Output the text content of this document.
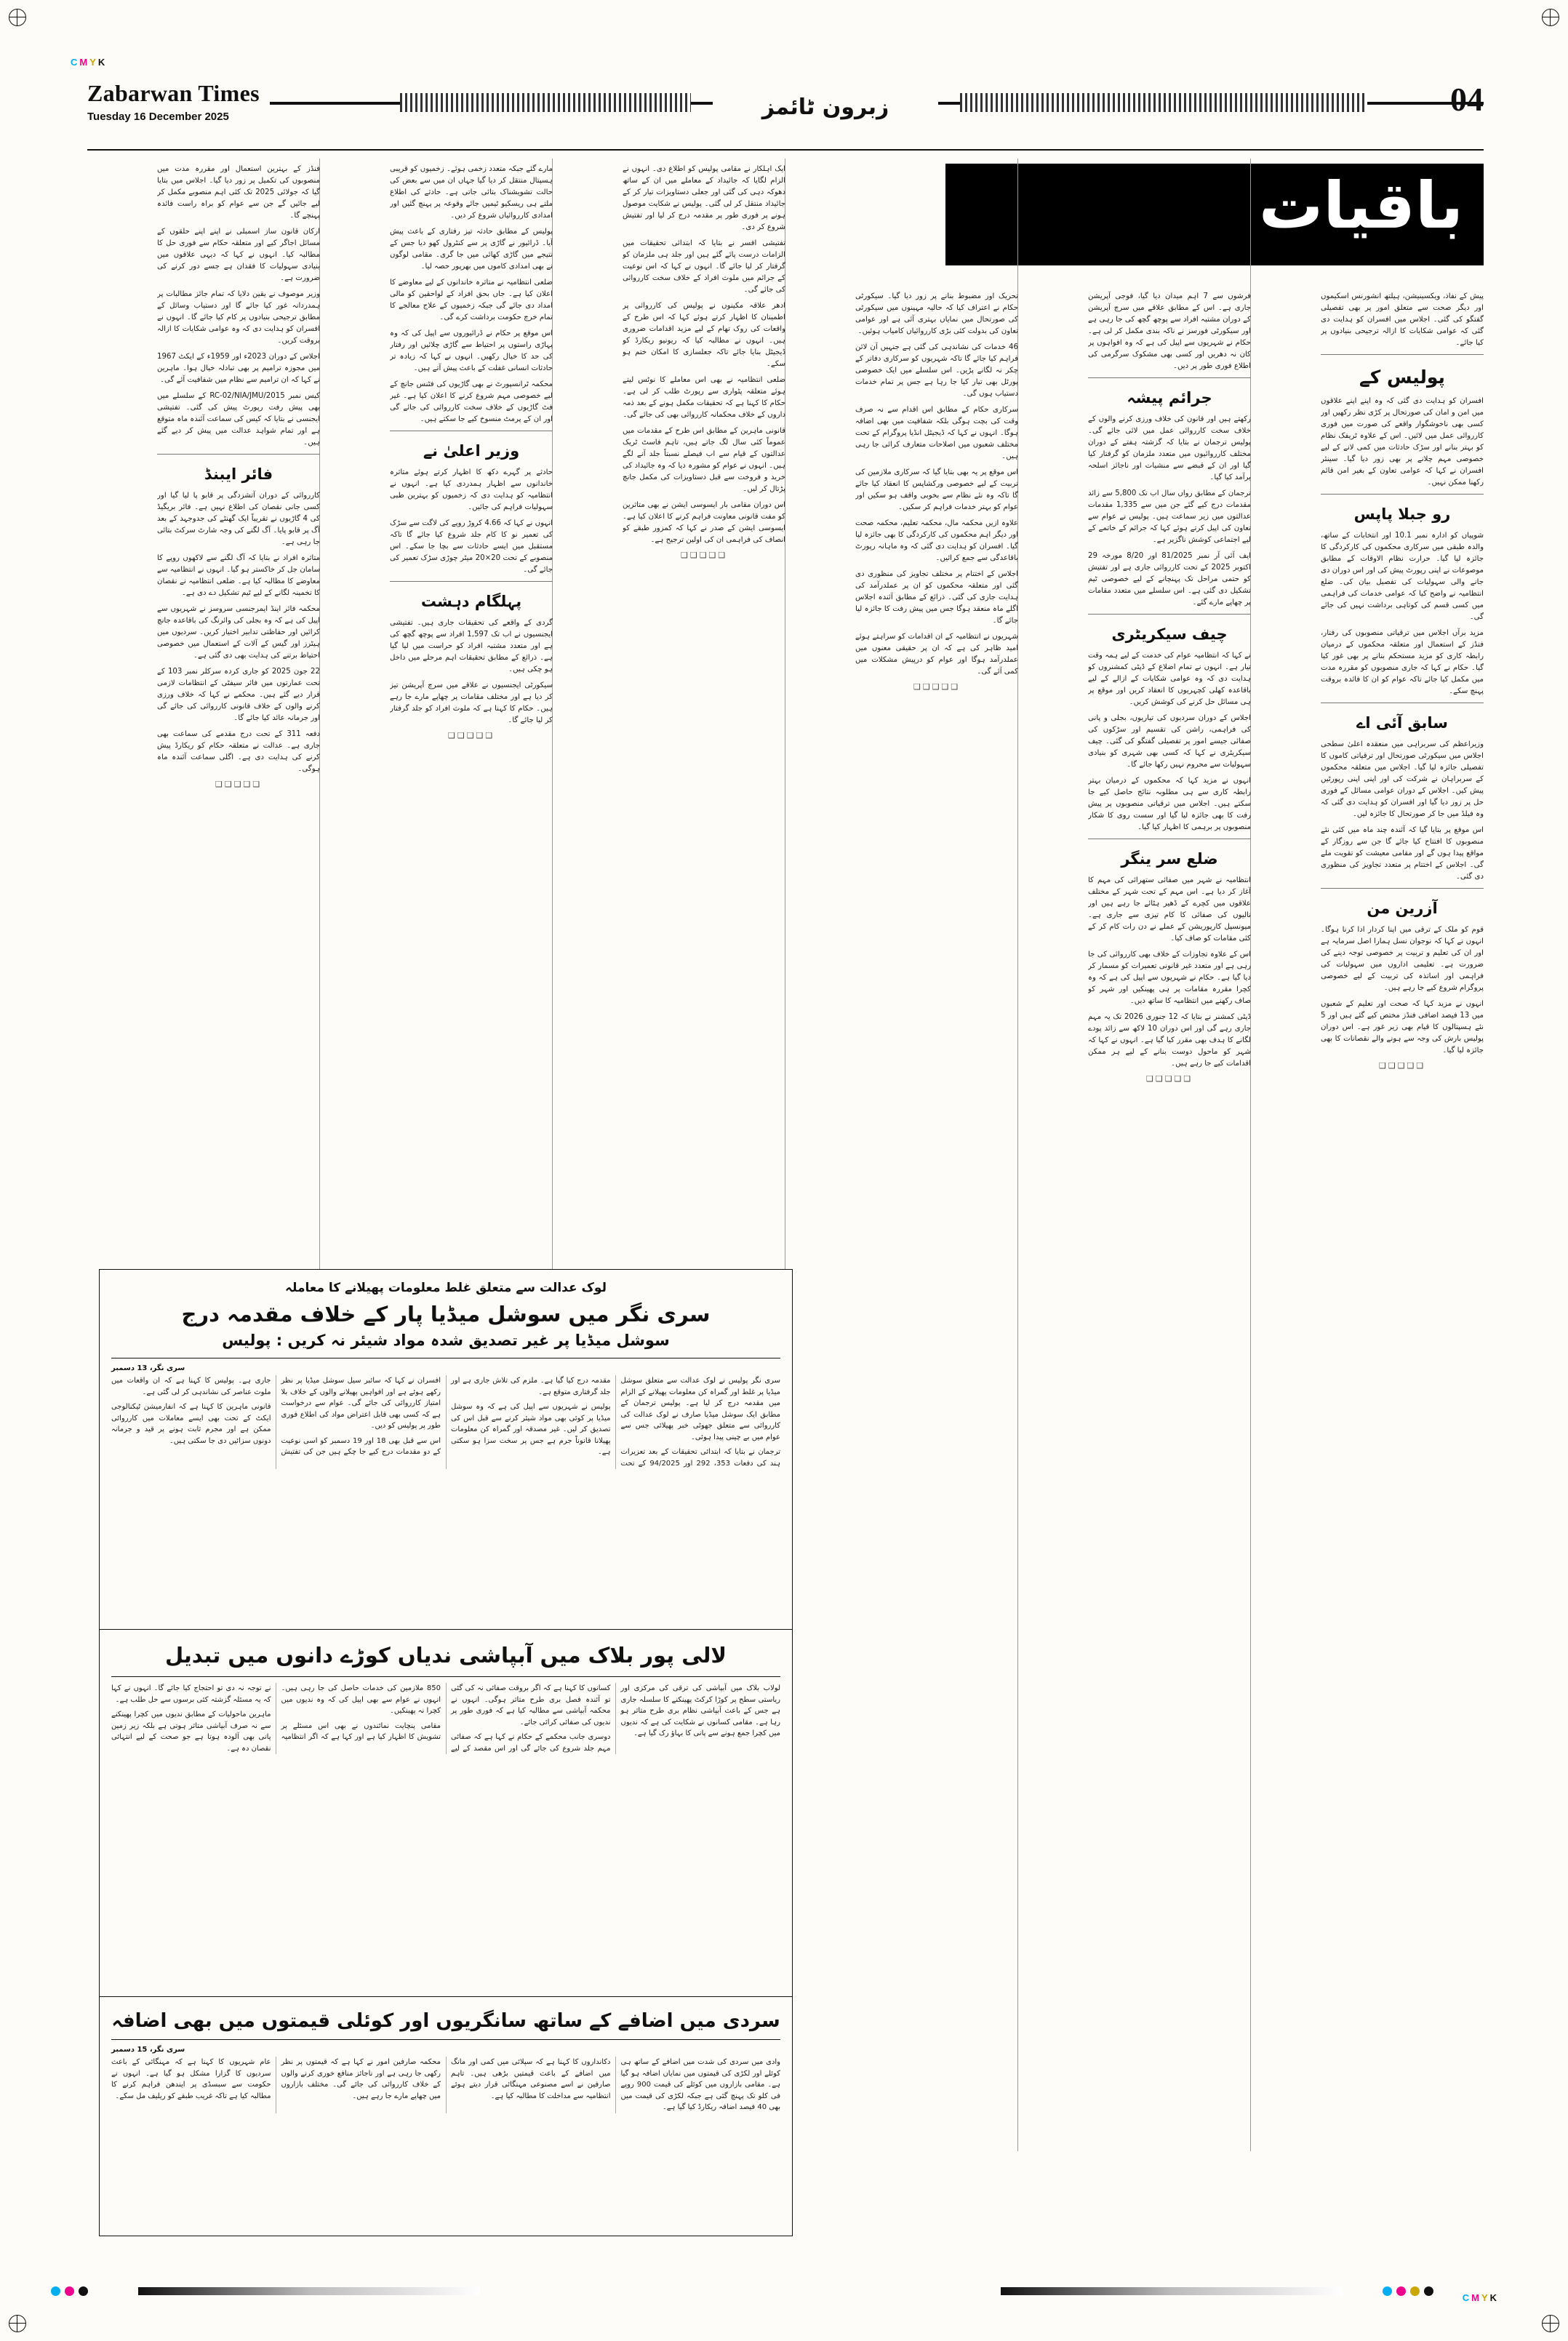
C M Y K
C M Y K
زبرون ٹائمز
Zabarwan Times
Tuesday 16 December 2025	04
باقیات

پیش کے نفاذ، ویکسینیشن، ہیلتھ انشورنس اسکیموں اور دیگر صحت سے متعلق امور پر بھی تفصیلی گفتگو کی گئی۔ اجلاس میں افسران کو ہدایت دی گئی کہ عوامی شکایات کا ازالہ ترجیحی بنیادوں پر کیا جائے۔

پولیس کے

افسران کو ہدایت دی گئی کہ وہ اپنے اپنے علاقوں میں امن و امان کی صورتحال پر کڑی نظر رکھیں اور کسی بھی ناخوشگوار واقعے کی صورت میں فوری کارروائی عمل میں لائیں۔ اس کے علاوہ ٹریفک نظام کو بہتر بنانے اور سڑک حادثات میں کمی لانے کے لیے خصوصی مہم چلانے پر بھی زور دیا گیا۔ سینئر افسران نے کہا کہ عوامی تعاون کے بغیر امن قائم رکھنا ممکن نہیں۔

رو جبلا پاپس

شوپیاں کو ادارہ نمبر 10.1 اور انتخابات کے ساتھ، والدہ طبقی میں سرکاری محکموں کی کارکردگی کا جائزہ لیا گیا۔ حرارت نظام الاوقات کے مطابق موصوعات نے اپنی رپورٹ پیش کی اور اس دوران دی جانے والی سہولیات کی تفصیل بیان کی۔ ضلع انتظامیہ نے واضح کیا کہ عوامی خدمات کی فراہمی میں کسی قسم کی کوتاہی برداشت نہیں کی جائے گی۔

مزید برآں اجلاس میں ترقیاتی منصوبوں کی رفتار، فنڈز کے استعمال اور متعلقہ محکموں کے درمیان رابطہ کاری کو مزید مستحکم بنانے پر بھی غور کیا گیا۔ حکام نے کہا کہ جاری منصوبوں کو مقررہ مدت میں مکمل کیا جائے تاکہ عوام کو ان کا فائدہ بروقت پہنچ سکے۔

سابق آئی اے

وزیراعظم کی سربراہی میں منعقدہ اعلیٰ سطحی اجلاس میں سیکورٹی صورتحال اور ترقیاتی کاموں کا تفصیلی جائزہ لیا گیا۔ اجلاس میں متعلقہ محکموں کے سربراہان نے شرکت کی اور اپنی اپنی رپورٹیں پیش کیں۔ اجلاس کے دوران عوامی مسائل کے فوری حل پر زور دیا گیا اور افسران کو ہدایت دی گئی کہ وہ فیلڈ میں جا کر صورتحال کا جائزہ لیں۔

اس موقع پر بتایا گیا کہ آئندہ چند ماہ میں کئی نئے منصوبوں کا افتتاح کیا جائے گا جن سے روزگار کے مواقع پیدا ہوں گے اور مقامی معیشت کو تقویت ملے گی۔ اجلاس کے اختتام پر متعدد تجاویز کی منظوری دی گئی۔

آزرین من

قوم کو ملک کے ترقی میں اپنا کردار ادا کرنا ہوگا۔ انہوں نے کہا کہ نوجوان نسل ہمارا اصل سرمایہ ہے اور ان کی تعلیم و تربیت پر خصوصی توجہ دینے کی ضرورت ہے۔ تعلیمی اداروں میں سہولیات کی فراہمی اور اساتذہ کی تربیت کے لیے خصوصی پروگرام شروع کیے جا رہے ہیں۔

انہوں نے مزید کہا کہ صحت اور تعلیم کے شعبوں میں 13 فیصد اضافی فنڈز مختص کیے گئے ہیں اور 5 نئے ہسپتالوں کا قیام بھی زیر غور ہے۔ اس دوران پولیس بارش کی وجہ سے ہونے والے نقصانات کا بھی جائزہ لیا گیا۔

❑❑❑❑❑

فرشوں سے 7 اہم میدان دیا گیا، فوجی آپریشن جاری ہے۔ اس کے مطابق علاقے میں سرچ آپریشن کے دوران مشتبہ افراد سے پوچھ گچھ کی جا رہی ہے اور سیکورٹی فورسز نے ناکہ بندی مکمل کر لی ہے۔ حکام نے شہریوں سے اپیل کی ہے کہ وہ افواہوں پر کان نہ دھریں اور کسی بھی مشکوک سرگرمی کی اطلاع فوری طور پر دیں۔

جرائم پیشہ

رکھتے ہیں اور قانون کی خلاف ورزی کرنے والوں کے خلاف سخت کارروائی عمل میں لائی جائے گی۔ پولیس ترجمان نے بتایا کہ گزشتہ ہفتے کے دوران مختلف کارروائیوں میں متعدد ملزمان کو گرفتار کیا گیا اور ان کے قبضے سے منشیات اور ناجائز اسلحہ برآمد کیا گیا۔

ترجمان کے مطابق رواں سال اب تک 5,800 سے زائد مقدمات درج کیے گئے جن میں سے 1,335 مقدمات عدالتوں میں زیر سماعت ہیں۔ پولیس نے عوام سے تعاون کی اپیل کرتے ہوئے کہا کہ جرائم کے خاتمے کے لیے اجتماعی کوشش ناگزیر ہے۔

ایف آئی آر نمبر 81/2025 اور 8/20 مورخہ 29 اکتوبر 2025 کے تحت کارروائی جاری ہے اور تفتیش کو حتمی مراحل تک پہنچانے کے لیے خصوصی ٹیم تشکیل دی گئی ہے۔ اس سلسلے میں متعدد مقامات پر چھاپے مارے گئے۔

چیف سیکریٹری

نے کہا کہ انتظامیہ عوام کی خدمت کے لیے ہمہ وقت تیار ہے۔ انہوں نے تمام اضلاع کے ڈپٹی کمشنروں کو ہدایت دی کہ وہ عوامی شکایات کے ازالے کے لیے باقاعدہ کھلی کچہریوں کا انعقاد کریں اور موقع پر ہی مسائل حل کرنے کی کوشش کریں۔

اجلاس کے دوران سردیوں کی تیاریوں، بجلی و پانی کی فراہمی، راشن کی تقسیم اور سڑکوں کی صفائی جیسے امور پر تفصیلی گفتگو کی گئی۔ چیف سیکریٹری نے کہا کہ کسی بھی شہری کو بنیادی سہولیات سے محروم نہیں رکھا جائے گا۔

انہوں نے مزید کہا کہ محکموں کے درمیان بہتر رابطہ کاری سے ہی مطلوبہ نتائج حاصل کیے جا سکتے ہیں۔ اجلاس میں ترقیاتی منصوبوں پر پیش رفت کا بھی جائزہ لیا گیا اور سست روی کا شکار منصوبوں پر برہمی کا اظہار کیا گیا۔

ضلع سر ینگر

انتظامیہ نے شہر میں صفائی ستھرائی کی مہم کا آغاز کر دیا ہے۔ اس مہم کے تحت شہر کے مختلف علاقوں میں کچرے کے ڈھیر ہٹائے جا رہے ہیں اور نالیوں کی صفائی کا کام تیزی سے جاری ہے۔ میونسپل کارپوریشن کے عملے نے دن رات کام کر کے کئی مقامات کو صاف کیا۔

اس کے علاوہ تجاوزات کے خلاف بھی کارروائی کی جا رہی ہے اور متعدد غیر قانونی تعمیرات کو مسمار کر دیا گیا ہے۔ حکام نے شہریوں سے اپیل کی ہے کہ وہ کچرا مقررہ مقامات پر ہی پھینکیں اور شہر کو صاف رکھنے میں انتظامیہ کا ساتھ دیں۔

ڈپٹی کمشنر نے بتایا کہ 12 جنوری 2026 تک یہ مہم جاری رہے گی اور اس دوران 10 لاکھ سے زائد پودے لگانے کا ہدف بھی مقرر کیا گیا ہے۔ انہوں نے کہا کہ شہر کو ماحول دوست بنانے کے لیے ہر ممکن اقدامات کیے جا رہے ہیں۔

❑❑❑❑❑

تحریک اور مضبوط بنانے پر زور دیا گیا۔ سیکورٹی حکام نے اعتراف کیا کہ حالیہ مہینوں میں سیکورٹی کی صورتحال میں نمایاں بہتری آئی ہے اور عوامی تعاون کی بدولت کئی بڑی کارروائیاں کامیاب ہوئیں۔

46 خدمات کی نشاندہی کی گئی ہے جنہیں آن لائن فراہم کیا جائے گا تاکہ شہریوں کو سرکاری دفاتر کے چکر نہ لگانے پڑیں۔ اس سلسلے میں ایک خصوصی پورٹل بھی تیار کیا جا رہا ہے جس پر تمام خدمات دستیاب ہوں گی۔

سرکاری حکام کے مطابق اس اقدام سے نہ صرف وقت کی بچت ہوگی بلکہ شفافیت میں بھی اضافہ ہوگا۔ انہوں نے کہا کہ ڈیجیٹل انڈیا پروگرام کے تحت مختلف شعبوں میں اصلاحات متعارف کرائی جا رہی ہیں۔

اس موقع پر یہ بھی بتایا گیا کہ سرکاری ملازمین کی تربیت کے لیے خصوصی ورکشاپس کا انعقاد کیا جائے گا تاکہ وہ نئے نظام سے بخوبی واقف ہو سکیں اور عوام کو بہتر خدمات فراہم کر سکیں۔

علاوہ ازیں محکمہ مال، محکمہ تعلیم، محکمہ صحت اور دیگر اہم محکموں کی کارکردگی کا بھی جائزہ لیا گیا۔ افسران کو ہدایت دی گئی کہ وہ ماہانہ رپورٹ باقاعدگی سے جمع کرائیں۔

اجلاس کے اختتام پر مختلف تجاویز کی منظوری دی گئی اور متعلقہ محکموں کو ان پر عملدرآمد کی ہدایت جاری کی گئی۔ ذرائع کے مطابق آئندہ اجلاس اگلے ماہ منعقد ہوگا جس میں پیش رفت کا جائزہ لیا جائے گا۔

شہریوں نے انتظامیہ کے ان اقدامات کو سراہتے ہوئے امید ظاہر کی ہے کہ ان پر حقیقی معنوں میں عملدرآمد ہوگا اور عوام کو درپیش مشکلات میں کمی آئے گی۔

❑❑❑❑❑

ایک اہلکار نے مقامی پولیس کو اطلاع دی۔ انہوں نے الزام لگایا کہ جائیداد کے معاملے میں ان کے ساتھ دھوکہ دہی کی گئی اور جعلی دستاویزات تیار کر کے جائیداد منتقل کر لی گئی۔ پولیس نے شکایت موصول ہونے پر فوری طور پر مقدمہ درج کر لیا اور تفتیش شروع کر دی۔

تفتیشی افسر نے بتایا کہ ابتدائی تحقیقات میں الزامات درست پائے گئے ہیں اور جلد ہی ملزمان کو گرفتار کر لیا جائے گا۔ انہوں نے کہا کہ اس نوعیت کے جرائم میں ملوث افراد کے خلاف سخت کارروائی کی جائے گی۔

ادھر علاقہ مکینوں نے پولیس کی کارروائی پر اطمینان کا اظہار کرتے ہوئے کہا کہ اس طرح کے واقعات کی روک تھام کے لیے مزید اقدامات ضروری ہیں۔ انہوں نے مطالبہ کیا کہ ریونیو ریکارڈ کو ڈیجیٹل بنایا جائے تاکہ جعلسازی کا امکان ختم ہو سکے۔

ضلعی انتظامیہ نے بھی اس معاملے کا نوٹس لیتے ہوئے متعلقہ پٹواری سے رپورٹ طلب کر لی ہے۔ حکام کا کہنا ہے کہ تحقیقات مکمل ہونے کے بعد ذمہ داروں کے خلاف محکمانہ کارروائی بھی کی جائے گی۔

قانونی ماہرین کے مطابق اس طرح کے مقدمات میں عموماً کئی سال لگ جاتے ہیں، تاہم فاسٹ ٹریک عدالتوں کے قیام سے اب فیصلے نسبتاً جلد آنے لگے ہیں۔ انہوں نے عوام کو مشورہ دیا کہ وہ جائیداد کی خرید و فروخت سے قبل دستاویزات کی مکمل جانچ پڑتال کر لیں۔

اس دوران مقامی بار ایسوسی ایشن نے بھی متاثرین کو مفت قانونی معاونت فراہم کرنے کا اعلان کیا ہے۔ ایسوسی ایشن کے صدر نے کہا کہ کمزور طبقے کو انصاف کی فراہمی ان کی اولین ترجیح ہے۔

❑❑❑❑❑

مارے گئے جبکہ متعدد زخمی ہوئے۔ زخمیوں کو قریبی ہسپتال منتقل کر دیا گیا جہاں ان میں سے بعض کی حالت تشویشناک بتائی جاتی ہے۔ حادثے کی اطلاع ملتے ہی ریسکیو ٹیمیں جائے وقوعہ پر پہنچ گئیں اور امدادی کارروائیاں شروع کر دیں۔

پولیس کے مطابق حادثہ تیز رفتاری کے باعث پیش آیا۔ ڈرائیور نے گاڑی پر سے کنٹرول کھو دیا جس کے نتیجے میں گاڑی کھائی میں جا گری۔ مقامی لوگوں نے بھی امدادی کاموں میں بھرپور حصہ لیا۔

ضلعی انتظامیہ نے متاثرہ خاندانوں کے لیے معاوضے کا اعلان کیا ہے۔ جاں بحق افراد کے لواحقین کو مالی امداد دی جائے گی جبکہ زخمیوں کے علاج معالجے کا تمام خرچ حکومت برداشت کرے گی۔

اس موقع پر حکام نے ڈرائیوروں سے اپیل کی کہ وہ پہاڑی راستوں پر احتیاط سے گاڑی چلائیں اور رفتار کی حد کا خیال رکھیں۔ انہوں نے کہا کہ زیادہ تر حادثات انسانی غفلت کے باعث پیش آتے ہیں۔

محکمہ ٹرانسپورٹ نے بھی گاڑیوں کی فٹنس جانچ کے لیے خصوصی مہم شروع کرنے کا اعلان کیا ہے۔ غیر فٹ گاڑیوں کے خلاف سخت کارروائی کی جائے گی اور ان کے پرمٹ منسوخ کیے جا سکتے ہیں۔

وزیر اعلیٰ نے

حادثے پر گہرے دکھ کا اظہار کرتے ہوئے متاثرہ خاندانوں سے اظہار ہمدردی کیا ہے۔ انہوں نے انتظامیہ کو ہدایت دی کہ زخمیوں کو بہترین طبی سہولیات فراہم کی جائیں۔

انہوں نے کہا کہ 4.66 کروڑ روپے کی لاگت سے سڑک کی تعمیر نو کا کام جلد شروع کیا جائے گا تاکہ مستقبل میں ایسے حادثات سے بچا جا سکے۔ اس منصوبے کے تحت 20×20 میٹر چوڑی سڑک تعمیر کی جائے گی۔

پہلگام دہشت

گردی کے واقعے کی تحقیقات جاری ہیں۔ تفتیشی ایجنسیوں نے اب تک 1,597 افراد سے پوچھ گچھ کی ہے اور متعدد مشتبہ افراد کو حراست میں لیا گیا ہے۔ ذرائع کے مطابق تحقیقات اہم مرحلے میں داخل ہو چکی ہیں۔

سیکورٹی ایجنسیوں نے علاقے میں سرچ آپریشن تیز کر دیا ہے اور مختلف مقامات پر چھاپے مارے جا رہے ہیں۔ حکام کا کہنا ہے کہ ملوث افراد کو جلد گرفتار کر لیا جائے گا۔

❑❑❑❑❑

فنڈز کے بہترین استعمال اور مقررہ مدت میں منصوبوں کی تکمیل پر زور دیا گیا۔ اجلاس میں بتایا گیا کہ جولائی 2025 تک کئی اہم منصوبے مکمل کر لیے جائیں گے جن سے عوام کو براہ راست فائدہ پہنچے گا۔

ارکان قانون ساز اسمبلی نے اپنے اپنے حلقوں کے مسائل اجاگر کیے اور متعلقہ حکام سے فوری حل کا مطالبہ کیا۔ انہوں نے کہا کہ دیہی علاقوں میں بنیادی سہولیات کا فقدان ہے جسے دور کرنے کی ضرورت ہے۔

وزیر موصوف نے یقین دلایا کہ تمام جائز مطالبات پر ہمدردانہ غور کیا جائے گا اور دستیاب وسائل کے مطابق ترجیحی بنیادوں پر کام کیا جائے گا۔ انہوں نے افسران کو ہدایت دی کہ وہ عوامی شکایات کا ازالہ بروقت کریں۔

اجلاس کے دوران 2023ء اور 1959ء کے ایکٹ 1967 میں مجوزہ ترامیم پر بھی تبادلہ خیال ہوا۔ ماہرین نے کہا کہ ان ترامیم سے نظام میں شفافیت آئے گی۔

کیس نمبر RC-02/NIA/JMU/2015 کے سلسلے میں بھی پیش رفت رپورٹ پیش کی گئی۔ تفتیشی ایجنسی نے بتایا کہ کیس کی سماعت آئندہ ماہ متوقع ہے اور تمام شواہد عدالت میں پیش کر دیے گئے ہیں۔

فائر ایبنڈ

کارروائی کے دوران آتشزدگی پر قابو پا لیا گیا اور کسی جانی نقصان کی اطلاع نہیں ہے۔ فائر بریگیڈ کی 4 گاڑیوں نے تقریباً ایک گھنٹے کی جدوجہد کے بعد آگ پر قابو پایا۔ آگ لگنے کی وجہ شارٹ سرکٹ بتائی جا رہی ہے۔

متاثرہ افراد نے بتایا کہ آگ لگنے سے لاکھوں روپے کا سامان جل کر خاکستر ہو گیا۔ انہوں نے انتظامیہ سے معاوضے کا مطالبہ کیا ہے۔ ضلعی انتظامیہ نے نقصان کا تخمینہ لگانے کے لیے ٹیم تشکیل دے دی ہے۔

محکمہ فائر اینڈ ایمرجنسی سروسز نے شہریوں سے اپیل کی ہے کہ وہ بجلی کی وائرنگ کی باقاعدہ جانچ کرائیں اور حفاظتی تدابیر اختیار کریں۔ سردیوں میں ہیٹرز اور گیس کے آلات کے استعمال میں خصوصی احتیاط برتنے کی ہدایت بھی دی گئی ہے۔

22 جون 2025 کو جاری کردہ سرکلر نمبر 103 کے تحت عمارتوں میں فائر سیفٹی کے انتظامات لازمی قرار دیے گئے ہیں۔ محکمے نے کہا کہ خلاف ورزی کرنے والوں کے خلاف قانونی کارروائی کی جائے گی اور جرمانہ عائد کیا جائے گا۔

دفعہ 311 کے تحت درج مقدمے کی سماعت بھی جاری ہے۔ عدالت نے متعلقہ حکام کو ریکارڈ پیش کرنے کی ہدایت دی ہے۔ اگلی سماعت آئندہ ماہ ہوگی۔

❑❑❑❑❑
لوک عدالت سے متعلق غلط معلومات پھیلانے کا معاملہ
سری نگر میں سوشل میڈیا پار کے خلاف مقدمہ درج
سوشل میڈیا پر غیر تصدیق شدہ مواد شیئر نہ کریں : پولیس
سری نگر، 13 دسمبر

سری نگر پولیس نے لوک عدالت سے متعلق سوشل میڈیا پر غلط اور گمراہ کن معلومات پھیلانے کے الزام میں مقدمہ درج کر لیا ہے۔ پولیس ترجمان کے مطابق ایک سوشل میڈیا صارف نے لوک عدالت کی کارروائی سے متعلق جھوٹی خبر پھیلائی جس سے عوام میں بے چینی پیدا ہوئی۔

ترجمان نے بتایا کہ ابتدائی تحقیقات کے بعد تعزیرات ہند کی دفعات 353، 292 اور 94/2025 کے تحت مقدمہ درج کیا گیا ہے۔ ملزم کی تلاش جاری ہے اور جلد گرفتاری متوقع ہے۔

پولیس نے شہریوں سے اپیل کی ہے کہ وہ سوشل میڈیا پر کوئی بھی مواد شیئر کرنے سے قبل اس کی تصدیق کر لیں۔ غیر مصدقہ اور گمراہ کن معلومات پھیلانا قانوناً جرم ہے جس پر سخت سزا ہو سکتی ہے۔

افسران نے کہا کہ سائبر سیل سوشل میڈیا پر نظر رکھے ہوئے ہے اور افواہیں پھیلانے والوں کے خلاف بلا امتیاز کارروائی کی جائے گی۔ عوام سے درخواست ہے کہ کسی بھی قابل اعتراض مواد کی اطلاع فوری طور پر پولیس کو دیں۔

اس سے قبل بھی 18 اور 19 دسمبر کو اسی نوعیت کے دو مقدمات درج کیے جا چکے ہیں جن کی تفتیش جاری ہے۔ پولیس کا کہنا ہے کہ ان واقعات میں ملوث عناصر کی نشاندہی کر لی گئی ہے۔

قانونی ماہرین کا کہنا ہے کہ انفارمیشن ٹیکنالوجی ایکٹ کے تحت بھی ایسے معاملات میں کارروائی ممکن ہے اور مجرم ثابت ہونے پر قید و جرمانہ دونوں سزائیں دی جا سکتی ہیں۔

لالی پور بلاک میں آبپاشی ندیاں کوڑے دانوں میں تبدیل

لولاب بلاک میں آبپاشی کی ترقی کی مرکزی اور ریاستی سطح پر کوڑا کرکٹ پھینکنے کا سلسلہ جاری ہے جس کے باعث آبپاشی نظام بری طرح متاثر ہو رہا ہے۔ مقامی کسانوں نے شکایت کی ہے کہ ندیوں میں کچرا جمع ہونے سے پانی کا بہاؤ رک گیا ہے۔

کسانوں کا کہنا ہے کہ اگر بروقت صفائی نہ کی گئی تو آئندہ فصل بری طرح متاثر ہوگی۔ انہوں نے محکمہ آبپاشی سے مطالبہ کیا ہے کہ فوری طور پر ندیوں کی صفائی کرائی جائے۔

دوسری جانب محکمے کے حکام نے کہا ہے کہ صفائی مہم جلد شروع کی جائے گی اور اس مقصد کے لیے 850 ملازمین کی خدمات حاصل کی جا رہی ہیں۔ انہوں نے عوام سے بھی اپیل کی کہ وہ ندیوں میں کچرا نہ پھینکیں۔

مقامی پنچایت نمائندوں نے بھی اس مسئلے پر تشویش کا اظہار کیا ہے اور کہا ہے کہ اگر انتظامیہ نے توجہ نہ دی تو احتجاج کیا جائے گا۔ انہوں نے کہا کہ یہ مسئلہ گزشتہ کئی برسوں سے حل طلب ہے۔

ماہرین ماحولیات کے مطابق ندیوں میں کچرا پھینکنے سے نہ صرف آبپاشی متاثر ہوتی ہے بلکہ زیر زمین پانی بھی آلودہ ہوتا ہے جو صحت کے لیے انتہائی نقصان دہ ہے۔

سردی میں اضافے کے ساتھ سانگریوں اور کوئلی قیمتوں میں بھی اضافہ
سری نگر، 15 دسمبر

وادی میں سردی کی شدت میں اضافے کے ساتھ ہی کوئلے اور لکڑی کی قیمتوں میں نمایاں اضافہ ہو گیا ہے۔ مقامی بازاروں میں کوئلے کی قیمت 900 روپے فی کلو تک پہنچ گئی ہے جبکہ لکڑی کی قیمت میں بھی 40 فیصد اضافہ ریکارڈ کیا گیا ہے۔

دکانداروں کا کہنا ہے کہ سپلائی میں کمی اور مانگ میں اضافے کے باعث قیمتیں بڑھی ہیں۔ تاہم صارفین نے اسے مصنوعی مہنگائی قرار دیتے ہوئے انتظامیہ سے مداخلت کا مطالبہ کیا ہے۔

محکمہ صارفین امور نے کہا ہے کہ قیمتوں پر نظر رکھی جا رہی ہے اور ناجائز منافع خوری کرنے والوں کے خلاف کارروائی کی جائے گی۔ مختلف بازاروں میں چھاپے مارے جا رہے ہیں۔

عام شہریوں کا کہنا ہے کہ مہنگائی کے باعث سردیوں کا گزارا مشکل ہو گیا ہے۔ انہوں نے حکومت سے سبسڈی پر ایندھن فراہم کرنے کا مطالبہ کیا ہے تاکہ غریب طبقے کو ریلیف مل سکے۔
